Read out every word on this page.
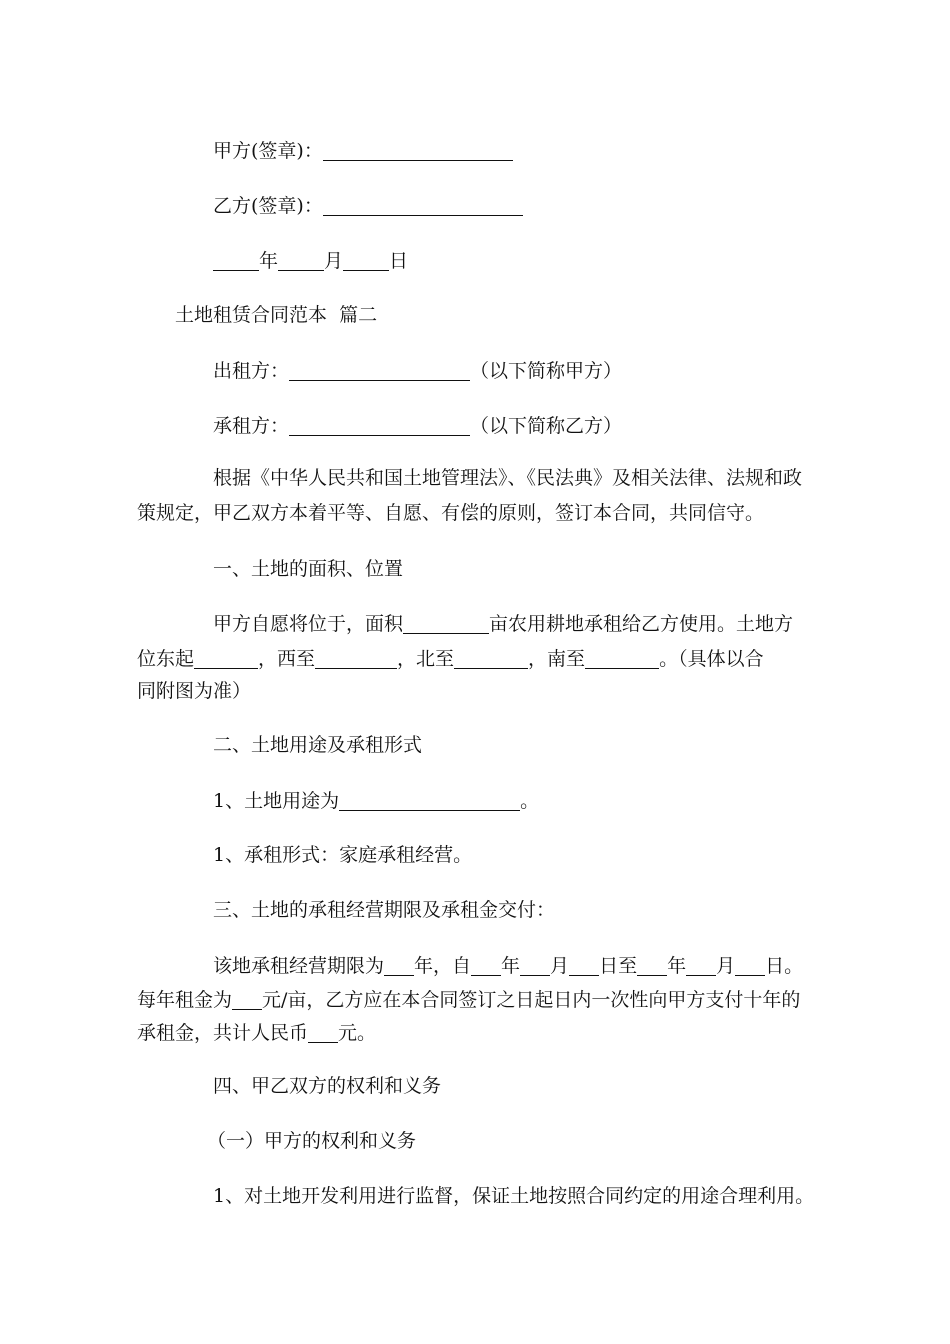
甲方(签章)：
乙方(签章)：
年 月 日
土地租赁合同范本  篇二
出租方：	（以下简称甲方）
承租方：	（以下简称乙方）
根据《中华人民共和国土地管理法》、《民法典》及相关法律、法规和政策规定，甲乙双方本着平等、自愿、有偿的原则，签订本合同，共同信守。
一、土地的面积、位置
甲方自愿将位于，面积	亩农用耕地承租给乙方使用。土地方
位东起	，西至	，北至	，南至	。（具体以合
同附图为准）
二、土地用途及承租形式
1、土地用途为	。
1、承租形式：家庭承租经营。
三、土地的承租经营期限及承租金交付：
该地承租经营期限为 年，自 年 月 日至 年 月 日。
每年租金为 元/亩，乙方应在本合同签订之日起日内一次性向甲方支付十年的
承租金，共计人民币 元。
四、甲乙双方的权利和义务
（一）甲方的权利和义务
1、对土地开发利用进行监督，保证土地按照合同约定的用途合理利用。
